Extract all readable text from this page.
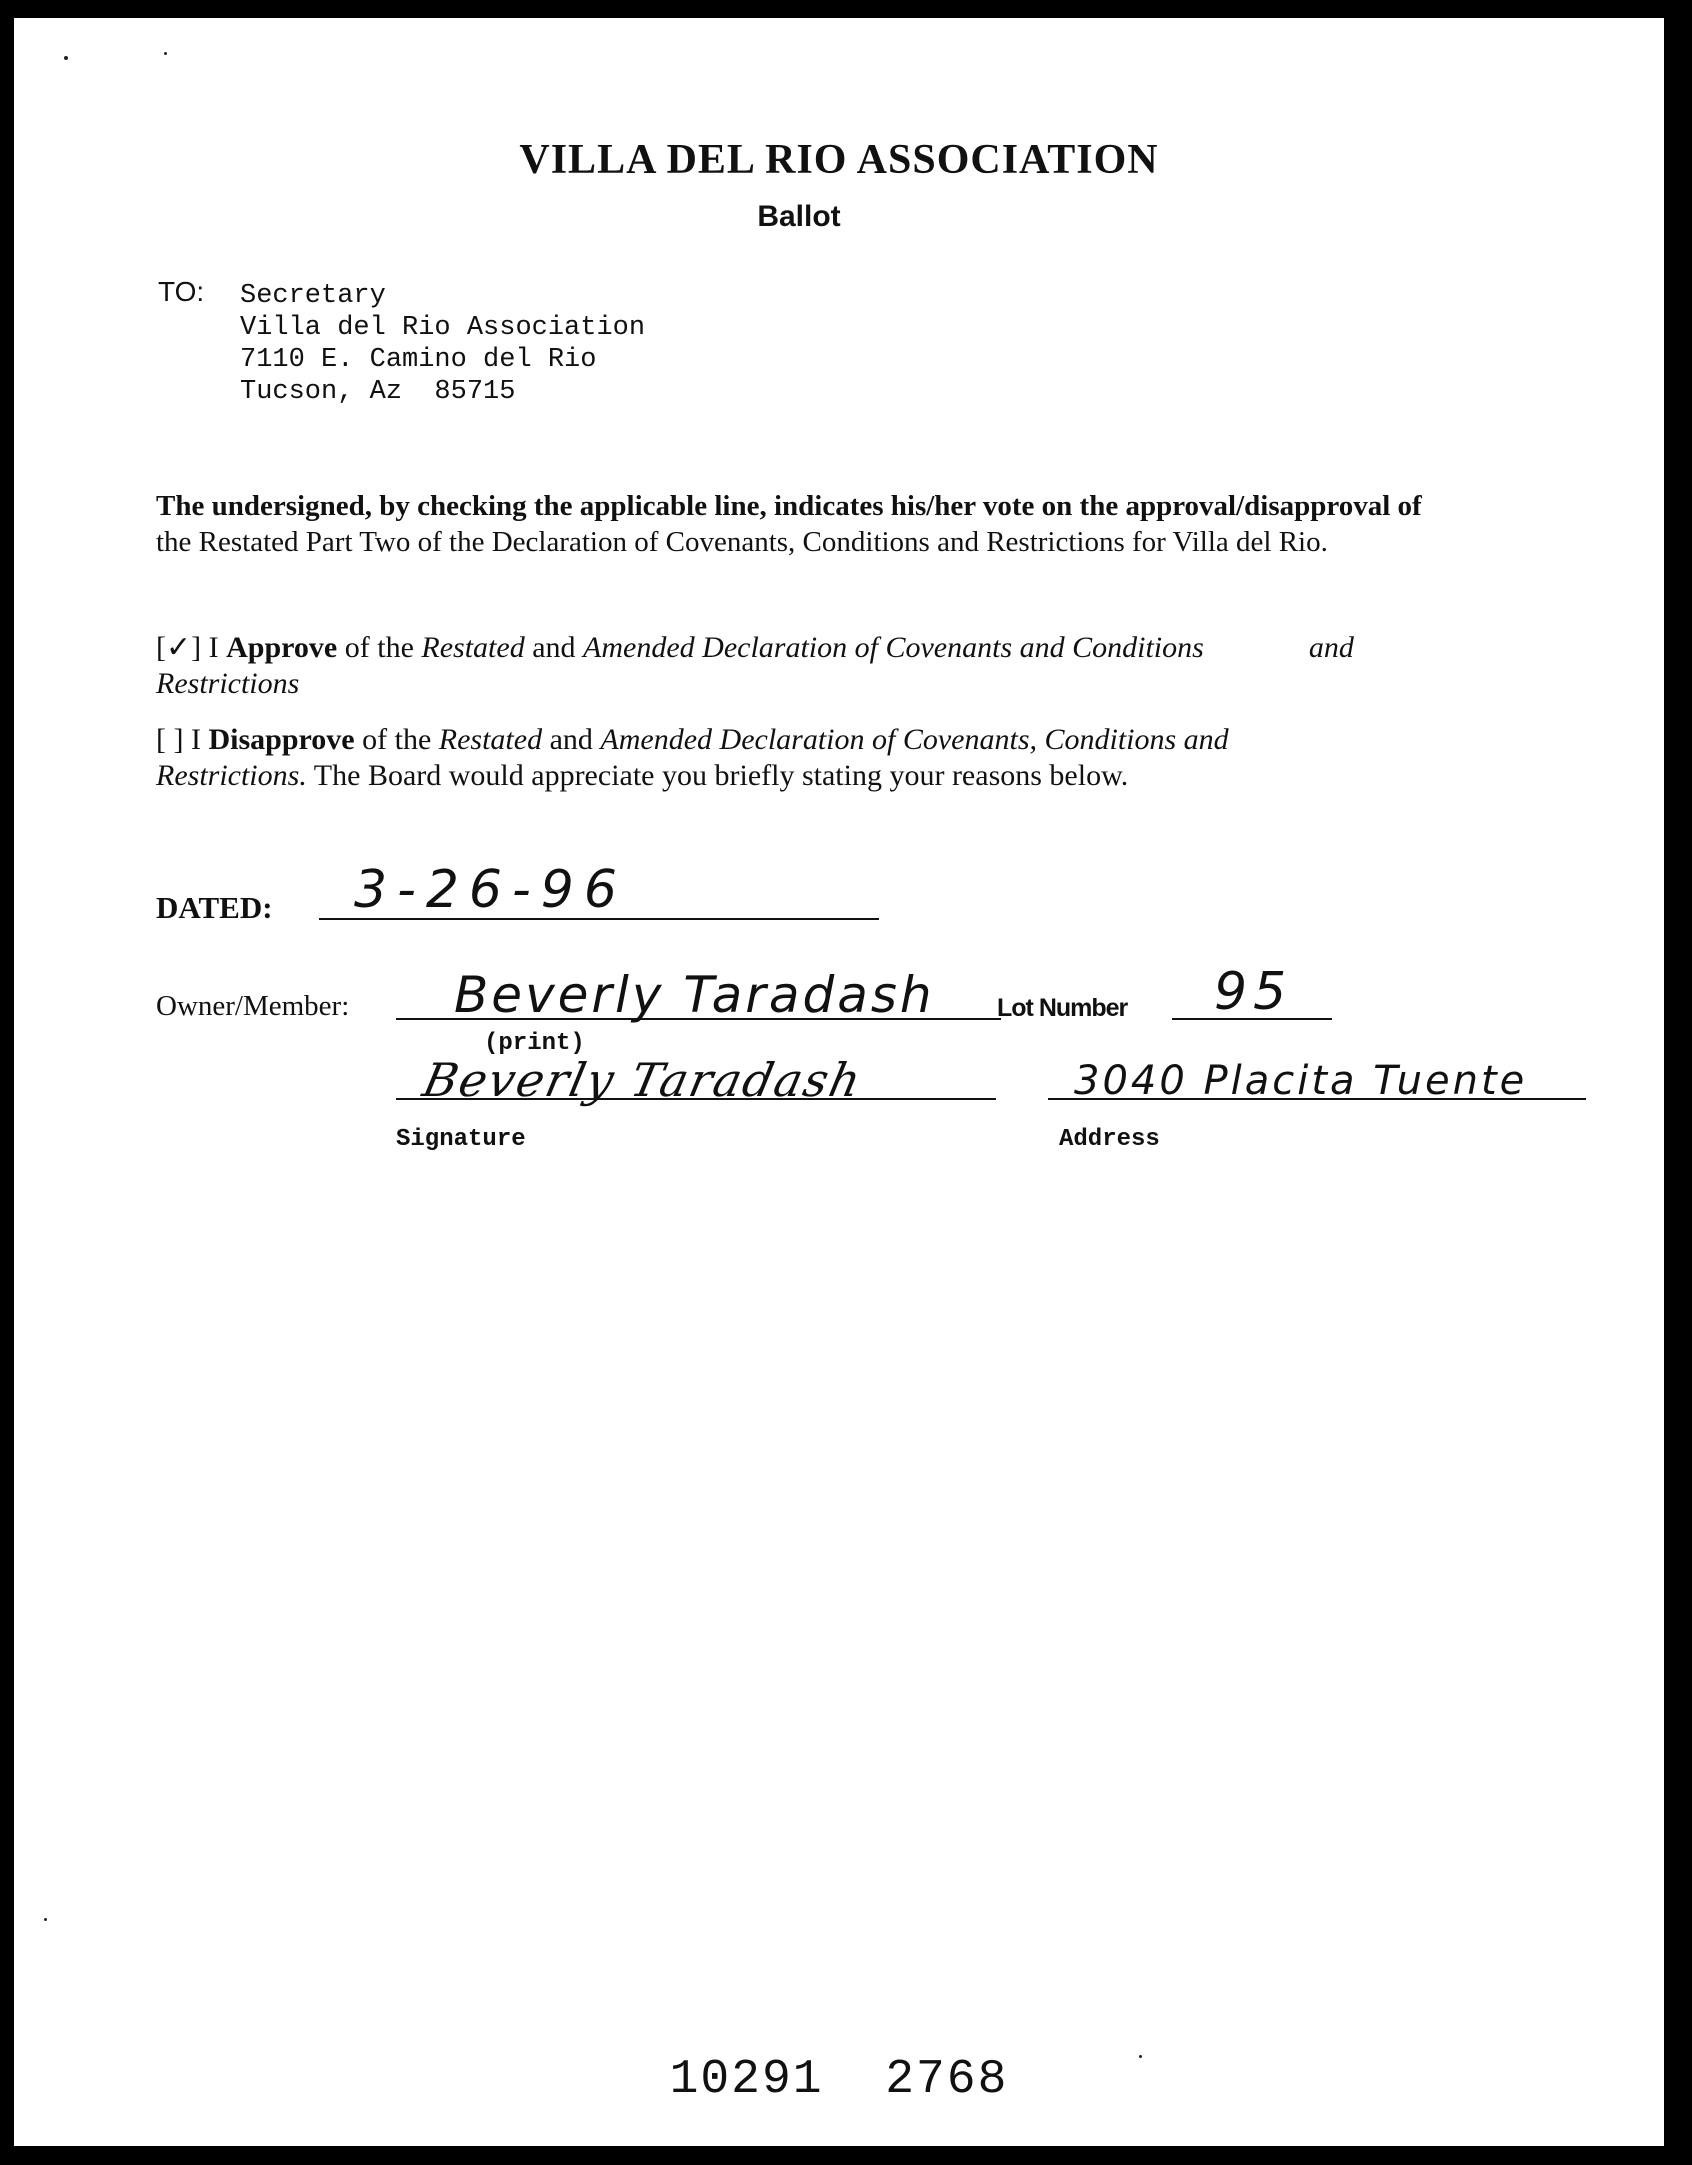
VILLA DEL RIO ASSOCIATION
Ballot
TO: Secretary
Villa del Rio Association
7110 E. Camino del Rio
Tucson, Az  85715
The undersigned, by checking the applicable line, indicates his/her vote on the approval/disapproval of
the Restated Part Two of the Declaration of Covenants, Conditions and Restrictions for Villa del Rio.
[✓] I Approve of the Restated and Amended Declaration of Covenants and Conditions	and
Restrictions
[ ] I Disapprove of the Restated and Amended Declaration of Covenants, Conditions and
Restrictions. The Board would appreciate you briefly stating your reasons below.
DATED: 3-26-96
Owner/Member: Beverly Taradash Lot Number 95
(print)
Beverly Taradash
Signature
3040 Placita Tuente
Address
10291  2768
